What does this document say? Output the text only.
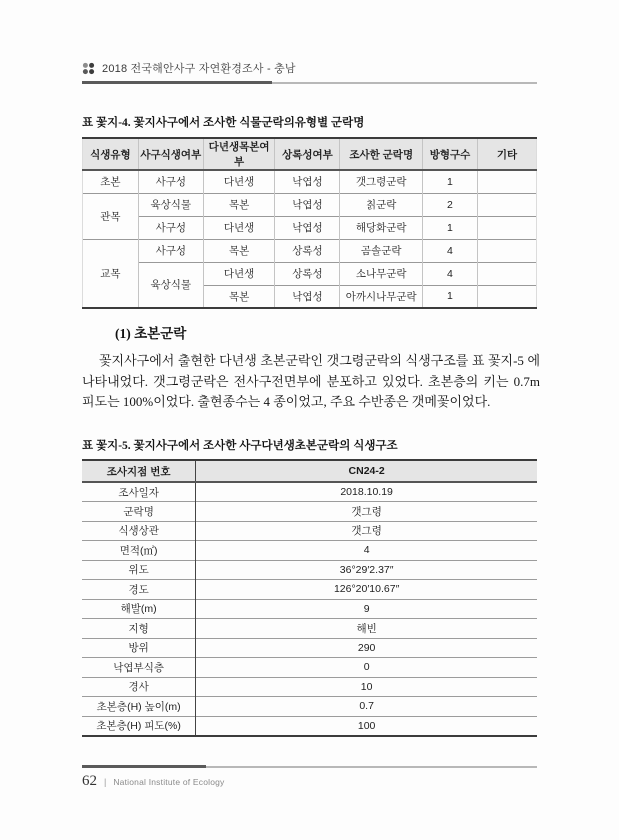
2018 전국해안사구 자연환경조사 - 충남
표 꽃지-4. 꽃지사구에서 조사한 식물군락의유형별 군락명
식생유형	사구식생여부	다년생목본여부	상록성여부	조사한 군락명	방형구수	기타
초본	사구성	다년생	낙엽성	갯그령군락	1	
관목	육상식물	목본	낙엽성	칡군락	2	
	사구성	다년생	낙엽성	해당화군락	1	
교목	사구성	목본	상록성	곰솔군락	4	
	육상식물	다년생	상록성	소나무군락	4	
		목본	낙엽성	아까시나무군락	1	
(1) 초본군락

꽃지사구에서 출현한 다년생 초본군락인 갯그령군락의 식생구조를 표 꽃지-5 에 나타내었다. 갯그령군락은 전사구전면부에 분포하고 있었다. 초본층의 키는 0.7m 피도는 100%이었다. 출현종수는 4 종이었고, 주요 수반종은 갯메꽃이었다.

표 꽃지-5. 꽃지사구에서 조사한 사구다년생초본군락의 식생구조
조사지점 번호	CN24-2
조사일자	2018.10.19
군락명	갯그령
식생상관	갯그령
면적(㎡)	4
위도	36°29′2.37″
경도	126°20′10.67″
해발(m)	9
지형	해빈
방위	290
낙엽부식층	0
경사	10
초본층(H) 높이(m)	0.7
초본층(H) 피도(%)	100
62 | National Institute of Ecology
